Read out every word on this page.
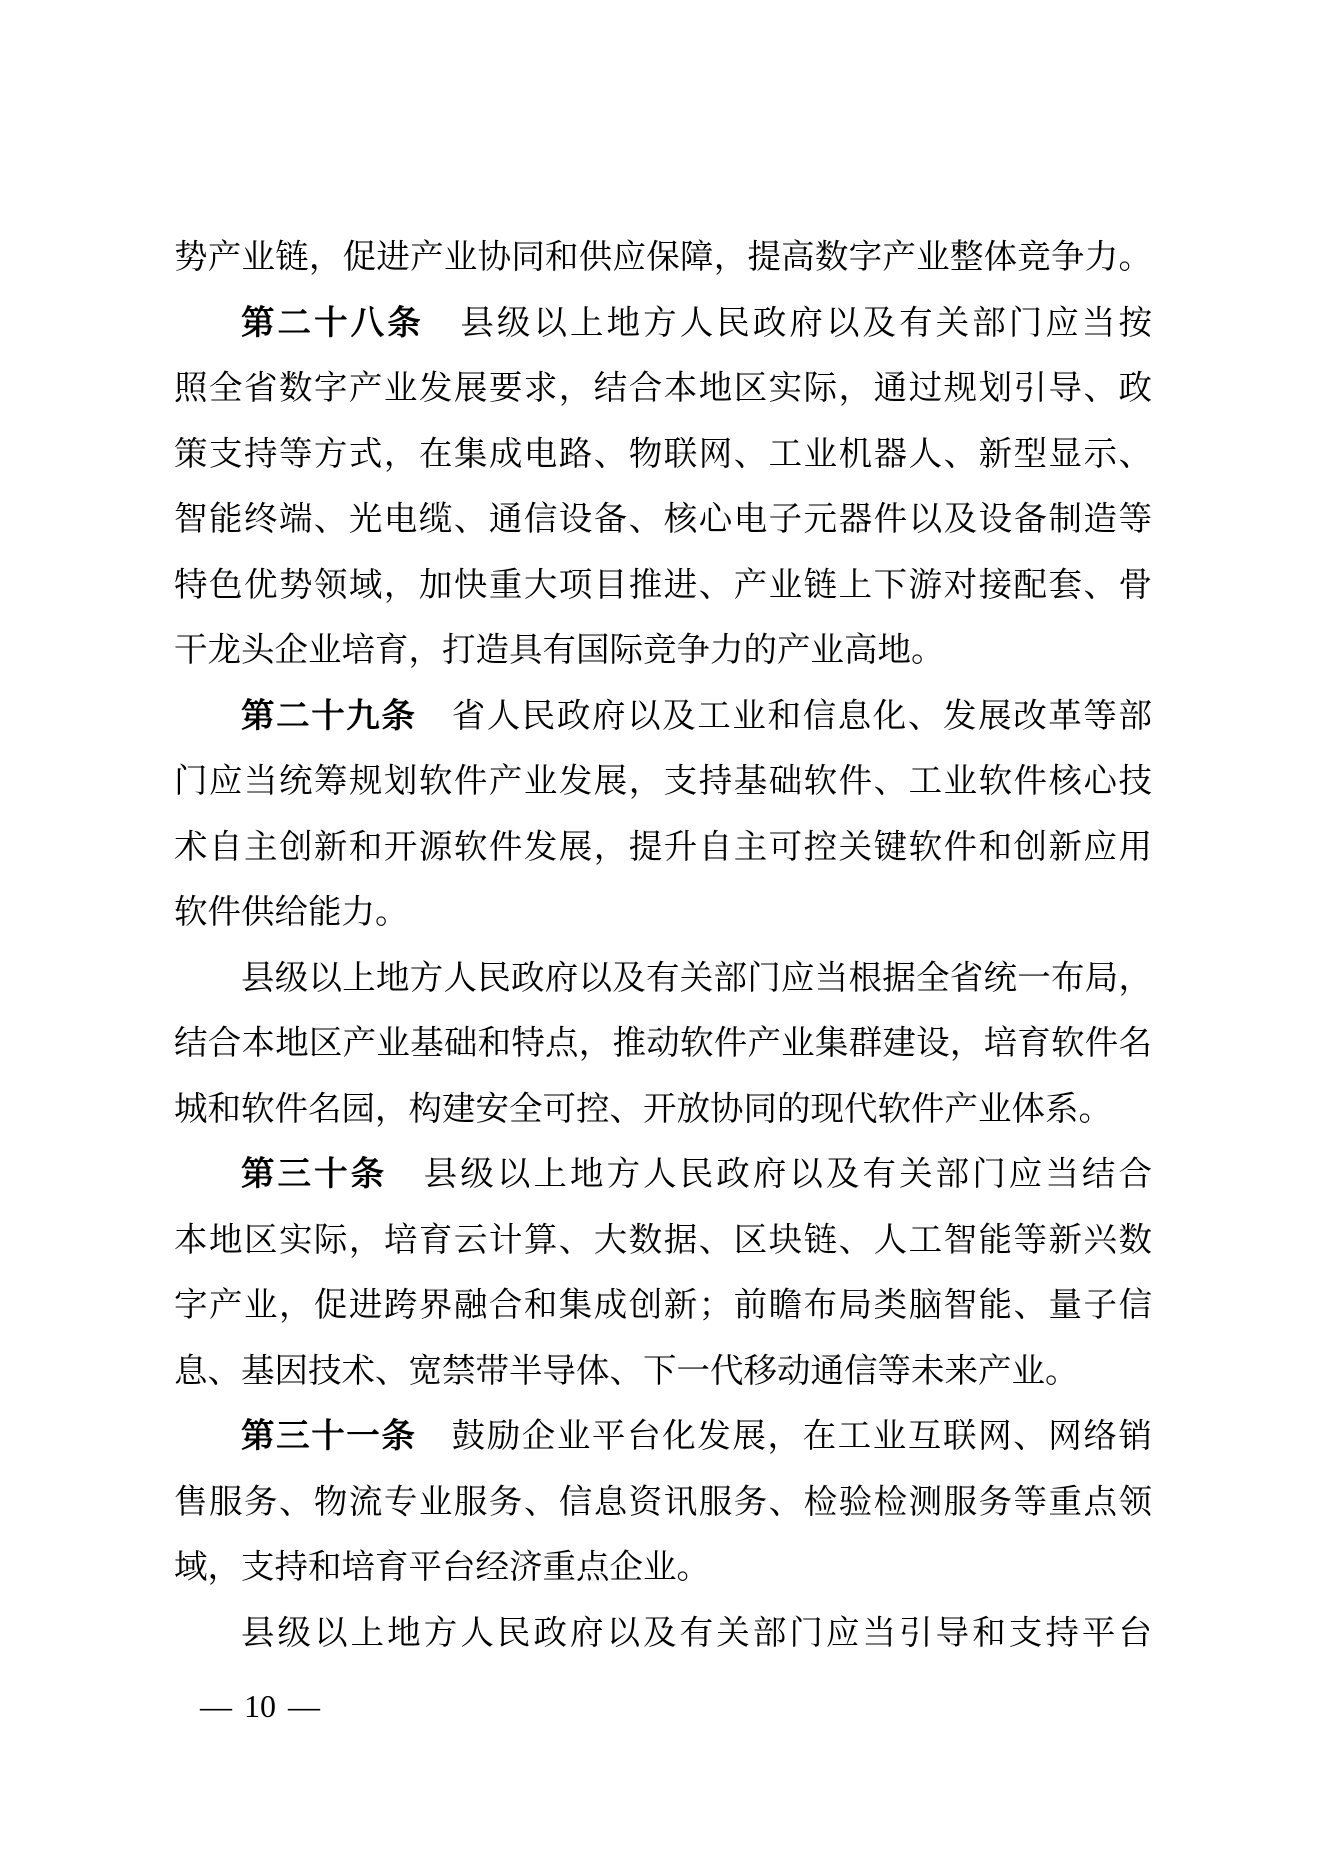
势产业链，促进产业协同和供应保障，提高数字产业整体竞争力。
第二十八条　县级以上地方人民政府以及有关部门应当按
照全省数字产业发展要求，结合本地区实际，通过规划引导、政
策支持等方式，在集成电路、物联网、工业机器人、新型显示、
智能终端、光电缆、通信设备、核心电子元器件以及设备制造等
特色优势领域，加快重大项目推进、产业链上下游对接配套、骨
干龙头企业培育，打造具有国际竞争力的产业高地。
第二十九条　省人民政府以及工业和信息化、发展改革等部
门应当统筹规划软件产业发展，支持基础软件、工业软件核心技
术自主创新和开源软件发展，提升自主可控关键软件和创新应用
软件供给能力。
县级以上地方人民政府以及有关部门应当根据全省统一布局，
结合本地区产业基础和特点，推动软件产业集群建设，培育软件名
城和软件名园，构建安全可控、开放协同的现代软件产业体系。
第三十条　县级以上地方人民政府以及有关部门应当结合
本地区实际，培育云计算、大数据、区块链、人工智能等新兴数
字产业，促进跨界融合和集成创新；前瞻布局类脑智能、量子信
息、基因技术、宽禁带半导体、下一代移动通信等未来产业。
第三十一条　鼓励企业平台化发展，在工业互联网、网络销
售服务、物流专业服务、信息资讯服务、检验检测服务等重点领
域，支持和培育平台经济重点企业。
县级以上地方人民政府以及有关部门应当引导和支持平台
— 10 —
